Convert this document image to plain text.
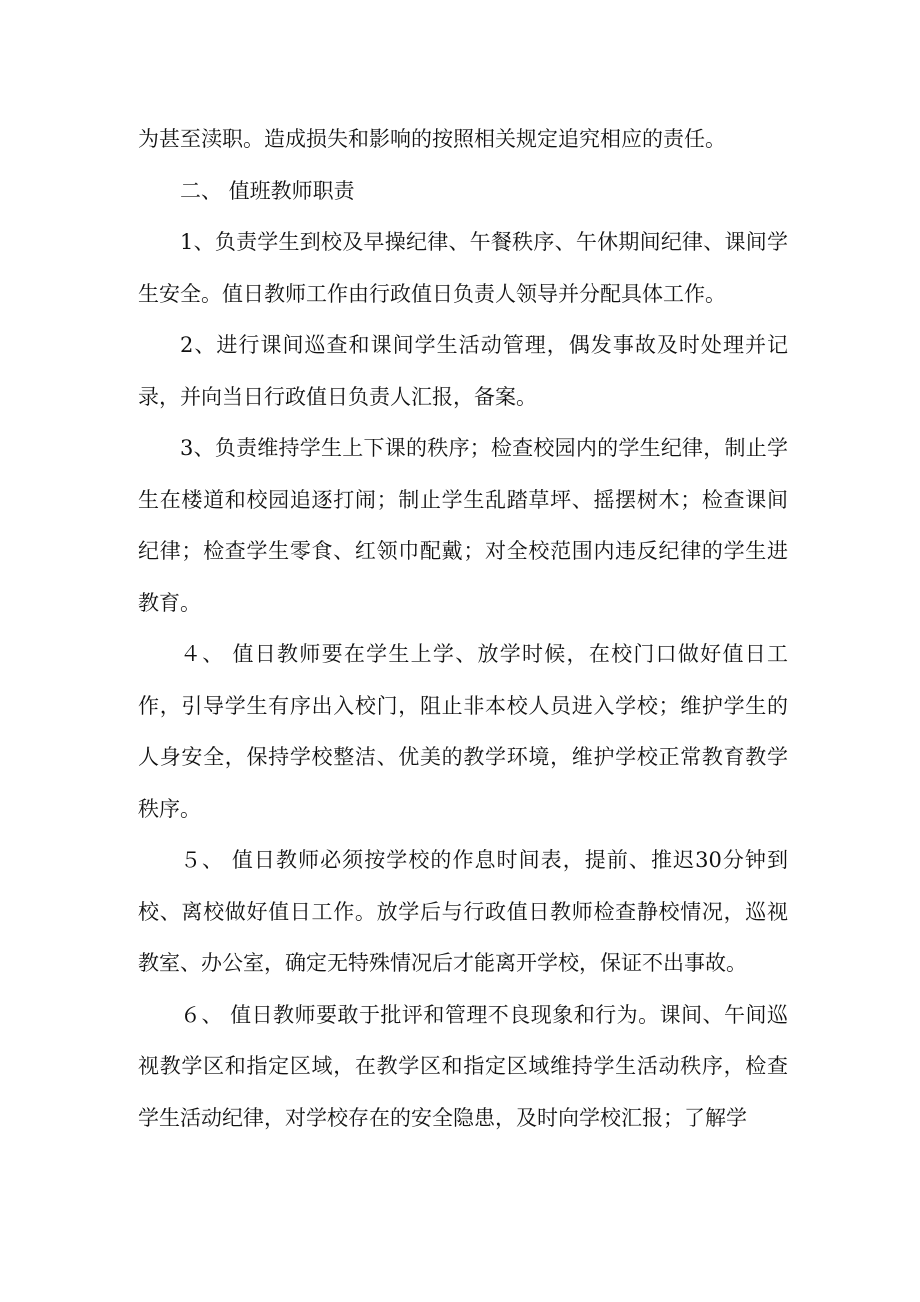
为甚至渎职。造成损失和影响的按照相关规定追究相应的责任。

二、 值班教师职责

1、负责学生到校及早操纪律、午餐秩序、午休期间纪律、课间学生安全。值日教师工作由行政值日负责人领导并分配具体工作。

2、进行课间巡查和课间学生活动管理，偶发事故及时处理并记录，并向当日行政值日负责人汇报，备案。

3、负责维持学生上下课的秩序；检查校园内的学生纪律，制止学生在楼道和校园追逐打闹；制止学生乱踏草坪、摇摆树木；检查课间纪律；检查学生零食、红领巾配戴；对全校范围内违反纪律的学生进教育。

４、 值日教师要在学生上学、放学时候，在校门口做好值日工作，引导学生有序出入校门，阻止非本校人员进入学校；维护学生的人身安全，保持学校整洁、优美的教学环境，维护学校正常教育教学秩序。

５、 值日教师必须按学校的作息时间表，提前、推迟30分钟到校、离校做好值日工作。放学后与行政值日教师检查静校情况，巡视教室、办公室，确定无特殊情况后才能离开学校，保证不出事故。

６、 值日教师要敢于批评和管理不良现象和行为。课间、午间巡视教学区和指定区域，在教学区和指定区域维持学生活动秩序，检查学生活动纪律，对学校存在的安全隐患，及时向学校汇报；了解学
